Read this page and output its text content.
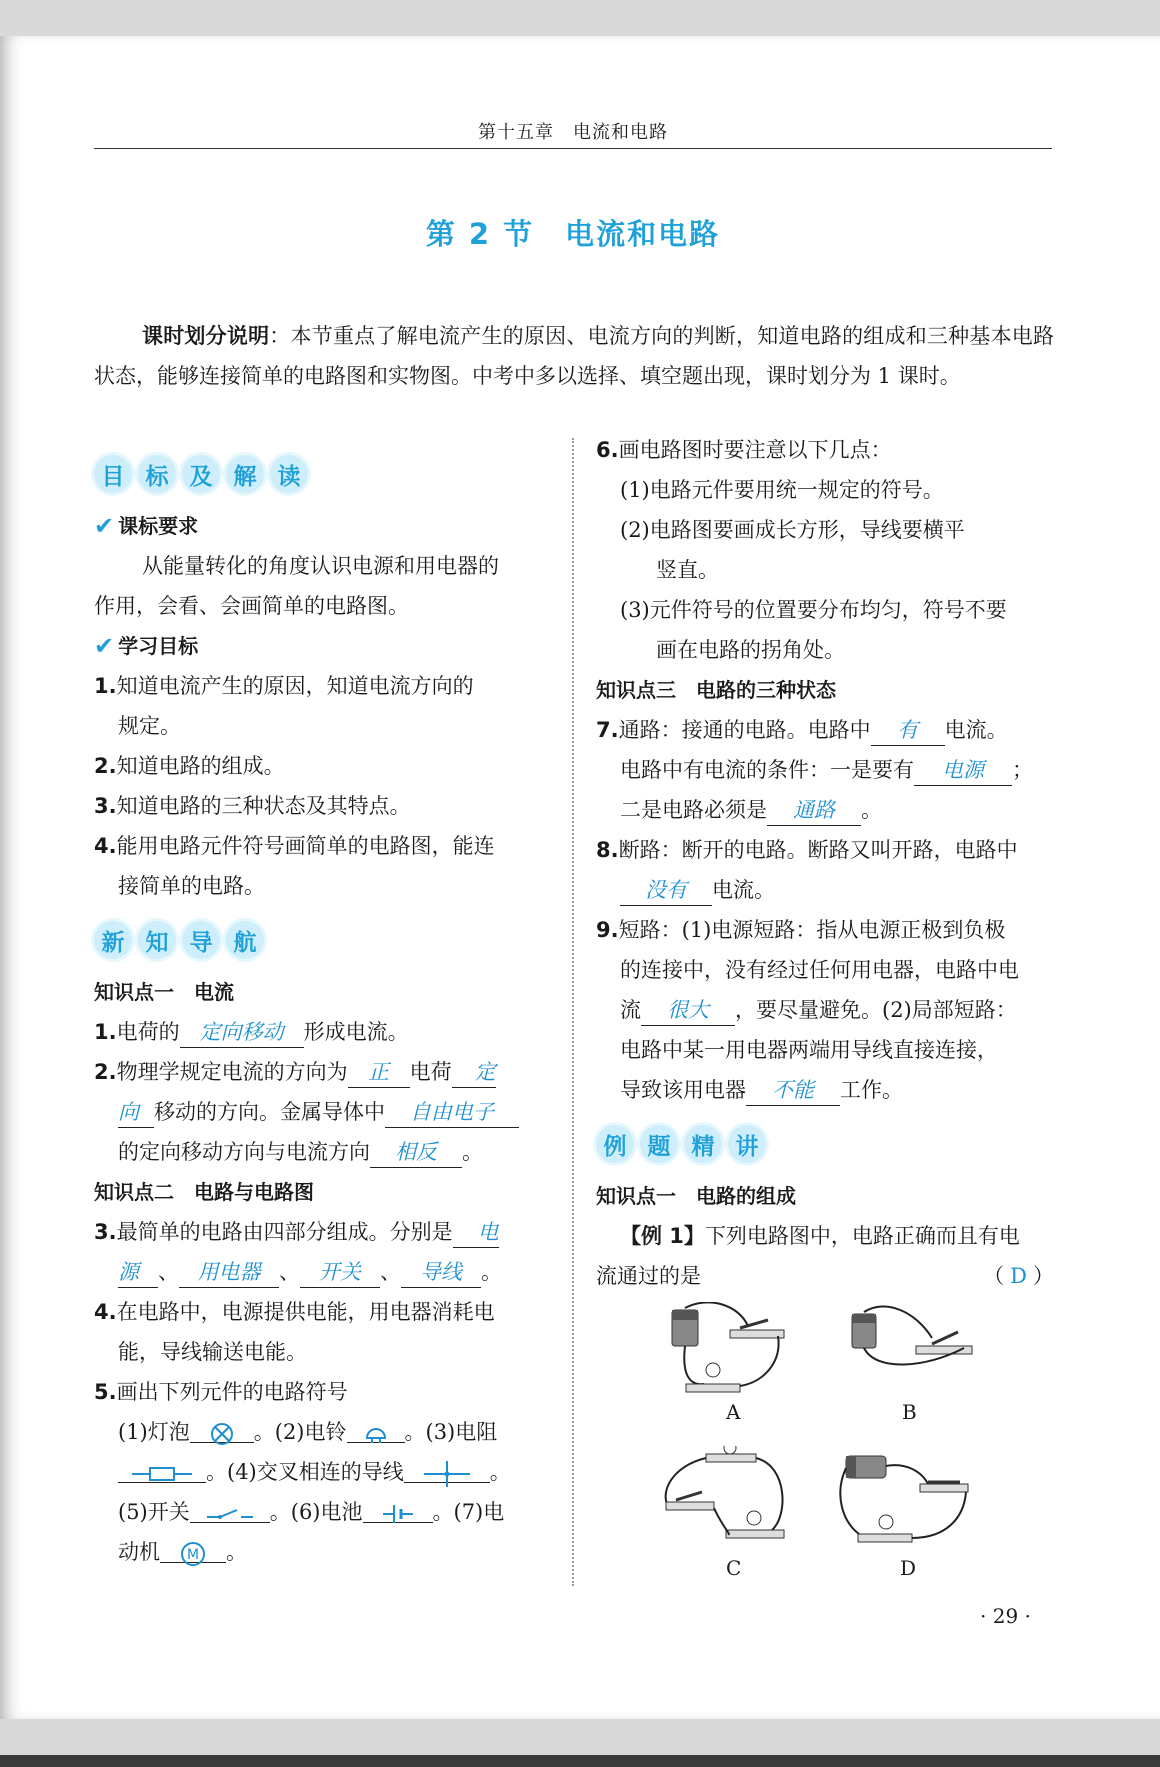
第十五章　电流和电路
第 2 节　电流和电路
课时划分说明：本节重点了解电流产生的原因、电流方向的判断，知道电路的组成和三种基本电路状态，能够连接简单的电路图和实物图。中考中多以选择、填空题出现，课时划分为 1 课时。
目 标 及 解 读
✔ 课标要求
从能量转化的角度认识电源和用电器的
作用，会看、会画简单的电路图。
✔ 学习目标
1.知道电流产生的原因，知道电流方向的
规定。
2.知道电路的组成。
3.知道电路的三种状态及其特点。
4.能用电路元件符号画简单的电路图，能连
接简单的电路。
新 知 导 航
知识点一　电流
1.电荷的 定向移动 形成电流。
2.物理学规定电流的方向为 正 电荷 定
向 移动的方向。金属导体中 自由电子
的定向移动方向与电流方向 相反 。
知识点二　电路与电路图
3.最简单的电路由四部分组成。分别是 电
源 、 用电器 、 开关 、 导线 。
4.在电路中，电源提供电能，用电器消耗电
能，导线输送电能。
5.画出下列元件的电路符号
(1)灯泡	。(2)电铃	。(3)电阻
。(4)交叉相连的导线	。
(5)开关	。(6)电池	。(7)电
动机 M 。
6.画电路图时要注意以下几点：
(1)电路元件要用统一规定的符号。
(2)电路图要画成长方形，导线要横平
竖直。
(3)元件符号的位置要分布均匀，符号不要
画在电路的拐角处。
知识点三　电路的三种状态
7.通路：接通的电路。电路中 有 电流。
电路中有电流的条件：一是要有 电源 ；
二是电路必须是 通路 。
8.断路：断开的电路。断路又叫开路，电路中
没有 电流。
9.短路：(1)电源短路：指从电源正极到负极
的连接中，没有经过任何用电器，电路中电
流 很大 ，要尽量避免。(2)局部短路：
电路中某一用电器两端用导线直接连接，
导致该用电器 不能 工作。
例 题 精 讲
知识点一　电路的组成
【例 1】下列电路图中，电路正确而且有电
流通过的是	（ D ）
A	B
C	D
· 29 ·
